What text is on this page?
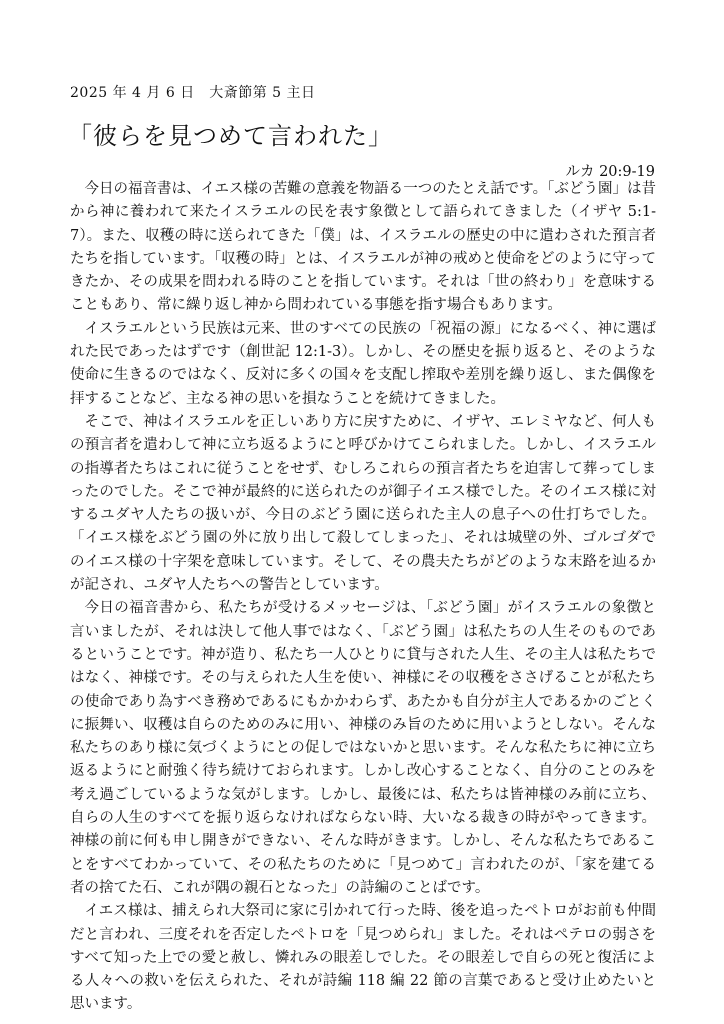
2025 年 4 月 6 日　大斎節第 5 主日
「彼らを見つめて言われた」
ルカ 20:9-19

今日の福音書は、イエス様の苦難の意義を物語る一つのたとえ話です。「ぶどう園」は昔から神に養われて来たイスラエルの民を表す象徴として語られてきました（イザヤ 5:1-7）。また、収穫の時に送られてきた「僕」は、イスラエルの歴史の中に遣わされた預言者たちを指しています。「収穫の時」とは、イスラエルが神の戒めと使命をどのように守ってきたか、その成果を問われる時のことを指しています。それは「世の終わり」を意味することもあり、常に繰り返し神から問われている事態を指す場合もあります。

イスラエルという民族は元来、世のすべての民族の「祝福の源」になるべく、神に選ばれた民であったはずです（創世記 12:1-3）。しかし、その歴史を振り返ると、そのような使命に生きるのではなく、反対に多くの国々を支配し搾取や差別を繰り返し、また偶像を拝することなど、主なる神の思いを損なうことを続けてきました。

そこで、神はイスラエルを正しいあり方に戻すために、イザヤ、エレミヤなど、何人もの預言者を遣わして神に立ち返るようにと呼びかけてこられました。しかし、イスラエルの指導者たちはこれに従うことをせず、むしろこれらの預言者たちを迫害して葬ってしまったのでした。そこで神が最終的に送られたのが御子イエス様でした。そのイエス様に対するユダヤ人たちの扱いが、今日のぶどう園に送られた主人の息子への仕打ちでした。「イエス様をぶどう園の外に放り出して殺してしまった」、それは城壁の外、ゴルゴダでのイエス様の十字架を意味しています。そして、その農夫たちがどのような末路を辿るかが記され、ユダヤ人たちへの警告としています。

今日の福音書から、私たちが受けるメッセージは、「ぶどう園」がイスラエルの象徴と言いましたが、それは決して他人事ではなく、「ぶどう園」は私たちの人生そのものであるということです。神が造り、私たち一人ひとりに貸与された人生、その主人は私たちではなく、神様です。その与えられた人生を使い、神様にその収穫をささげることが私たちの使命であり為すべき務めであるにもかかわらず、あたかも自分が主人であるかのごとくに振舞い、収穫は自らのためのみに用い、神様のみ旨のために用いようとしない。そんな私たちのあり様に気づくようにとの促しではないかと思います。そんな私たちに神に立ち返るようにと耐強く待ち続けておられます。しかし改心することなく、自分のことのみを考え過ごしているような気がします。しかし、最後には、私たちは皆神様のみ前に立ち、自らの人生のすべてを振り返らなければならない時、大いなる裁きの時がやってきます。神様の前に何も申し開きができない、そんな時がきます。しかし、そんな私たちであることをすべてわかっていて、その私たちのために「見つめて」言われたのが、「家を建てる者の捨てた石、これが隅の親石となった」の詩編のことばです。

イエス様は、捕えられ大祭司に家に引かれて行った時、後を追ったペトロがお前も仲間だと言われ、三度それを否定したペトロを「見つめられ」ました。それはペテロの弱さをすべて知った上での愛と赦し、憐れみの眼差しでした。その眼差しで自らの死と復活による人々への救いを伝えられた、それが詩編 118 編 22 節の言葉であると受け止めたいと思います。
